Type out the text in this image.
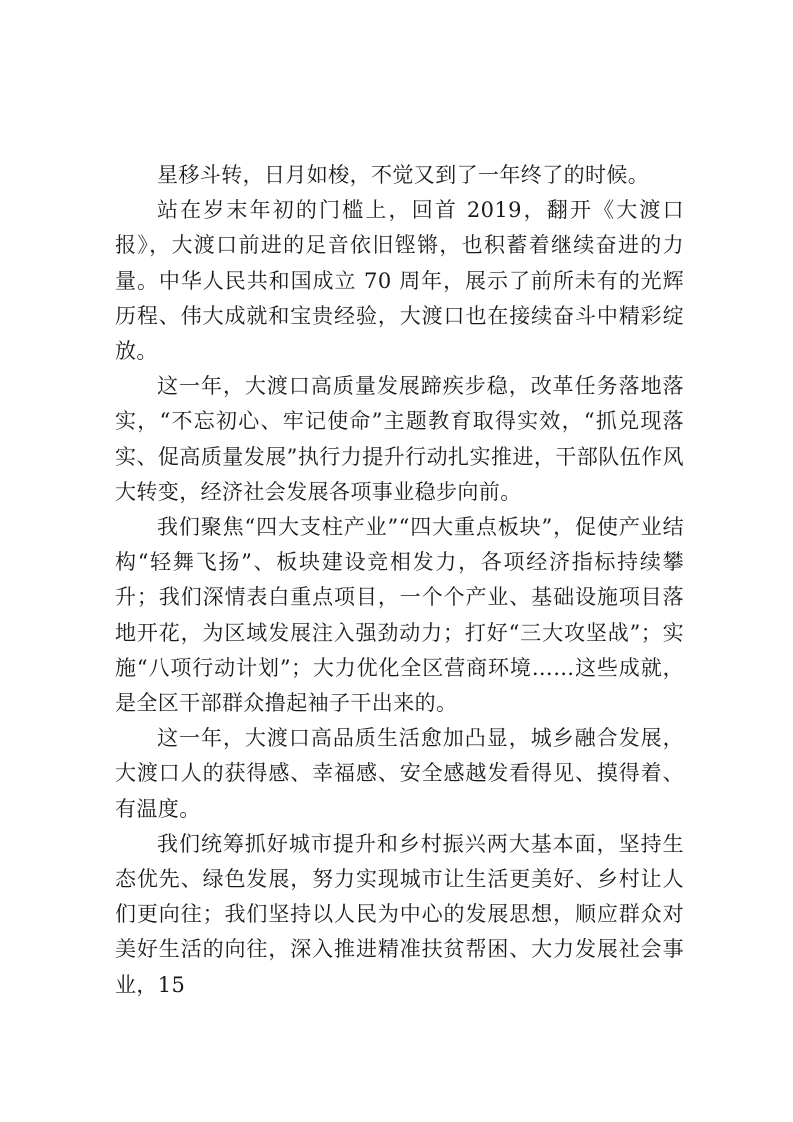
星移斗转，日月如梭，不觉又到了一年终了的时候。

站在岁末年初的门槛上，回首 2019，翻开《大渡口报》，大渡口前进的足音依旧铿锵，也积蓄着继续奋进的力量。中华人民共和国成立 70 周年，展示了前所未有的光辉历程、伟大成就和宝贵经验，大渡口也在接续奋斗中精彩绽放。

这一年，大渡口高质量发展蹄疾步稳，改革任务落地落实，“不忘初心、牢记使命”主题教育取得实效，“抓兑现落实、促高质量发展”执行力提升行动扎实推进，干部队伍作风大转变，经济社会发展各项事业稳步向前。

我们聚焦“四大支柱产业”“四大重点板块”，促使产业结构“轻舞飞扬”、板块建设竞相发力，各项经济指标持续攀升；我们深情表白重点项目，一个个产业、基础设施项目落地开花，为区域发展注入强劲动力；打好“三大攻坚战”；实施“八项行动计划”；大力优化全区营商环境……这些成就，是全区干部群众撸起袖子干出来的。

这一年，大渡口高品质生活愈加凸显，城乡融合发展，大渡口人的获得感、幸福感、安全感越发看得见、摸得着、有温度。

我们统筹抓好城市提升和乡村振兴两大基本面，坚持生态优先、绿色发展，努力实现城市让生活更美好、乡村让人们更向往；我们坚持以人民为中心的发展思想，顺应群众对美好生活的向往，深入推进精准扶贫帮困、大力发展社会事业，15
